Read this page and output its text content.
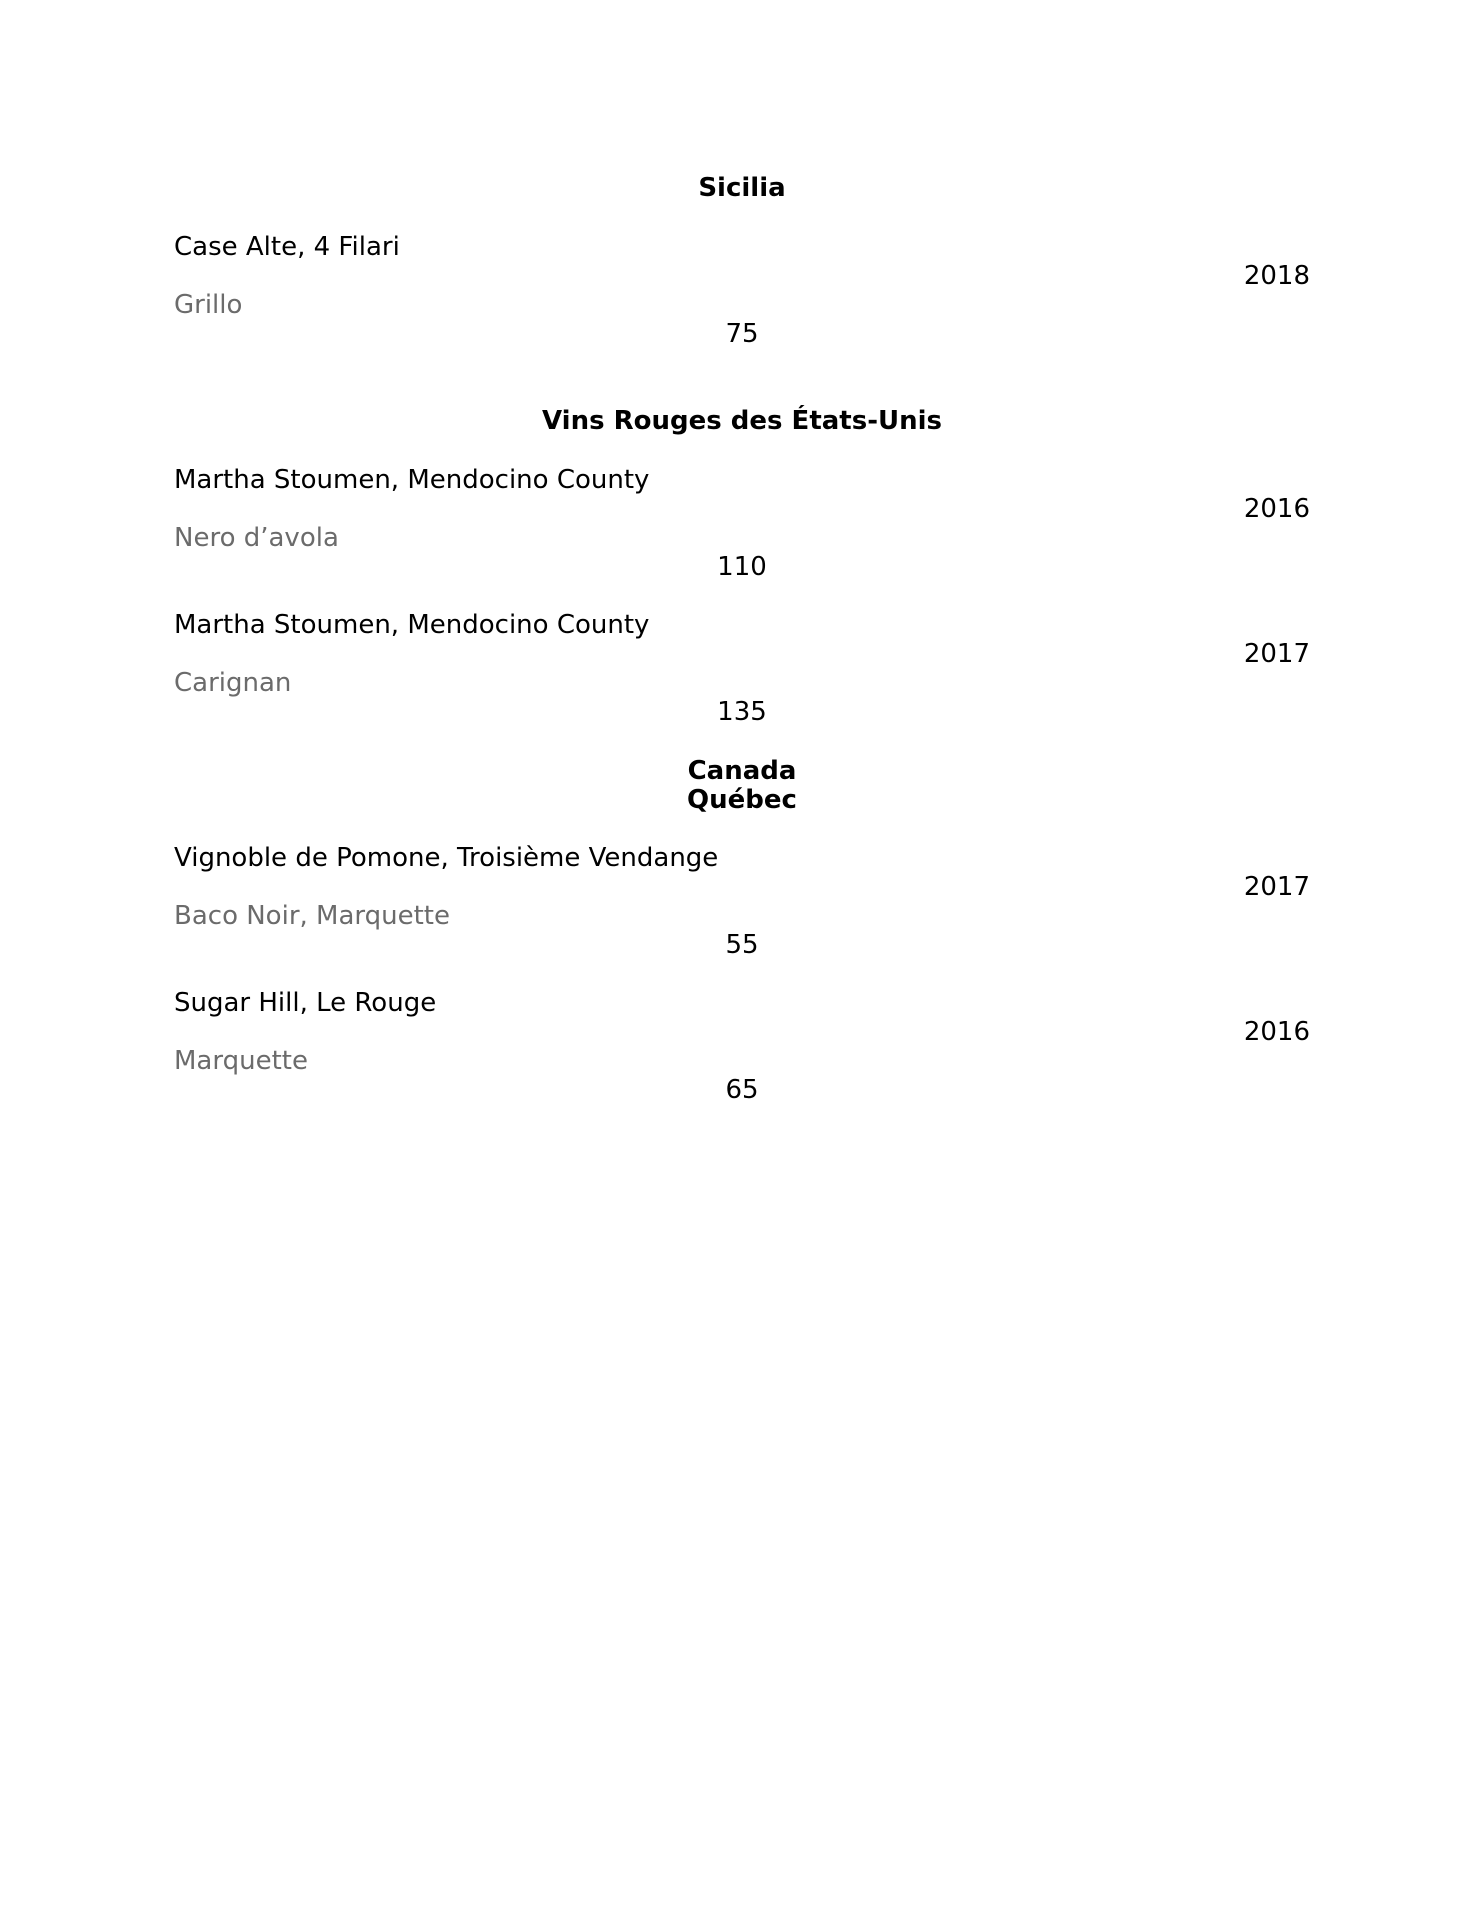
Sicilia
Case Alte, 4 Filari
2018
Grillo
75
Vins Rouges des États-Unis
Martha Stoumen, Mendocino County
2016
Nero d’avola
110
Martha Stoumen, Mendocino County
2017
Carignan
135
Canada
Québec
Vignoble de Pomone, Troisième Vendange
2017
Baco Noir, Marquette
55
Sugar Hill, Le Rouge
2016
Marquette
65
